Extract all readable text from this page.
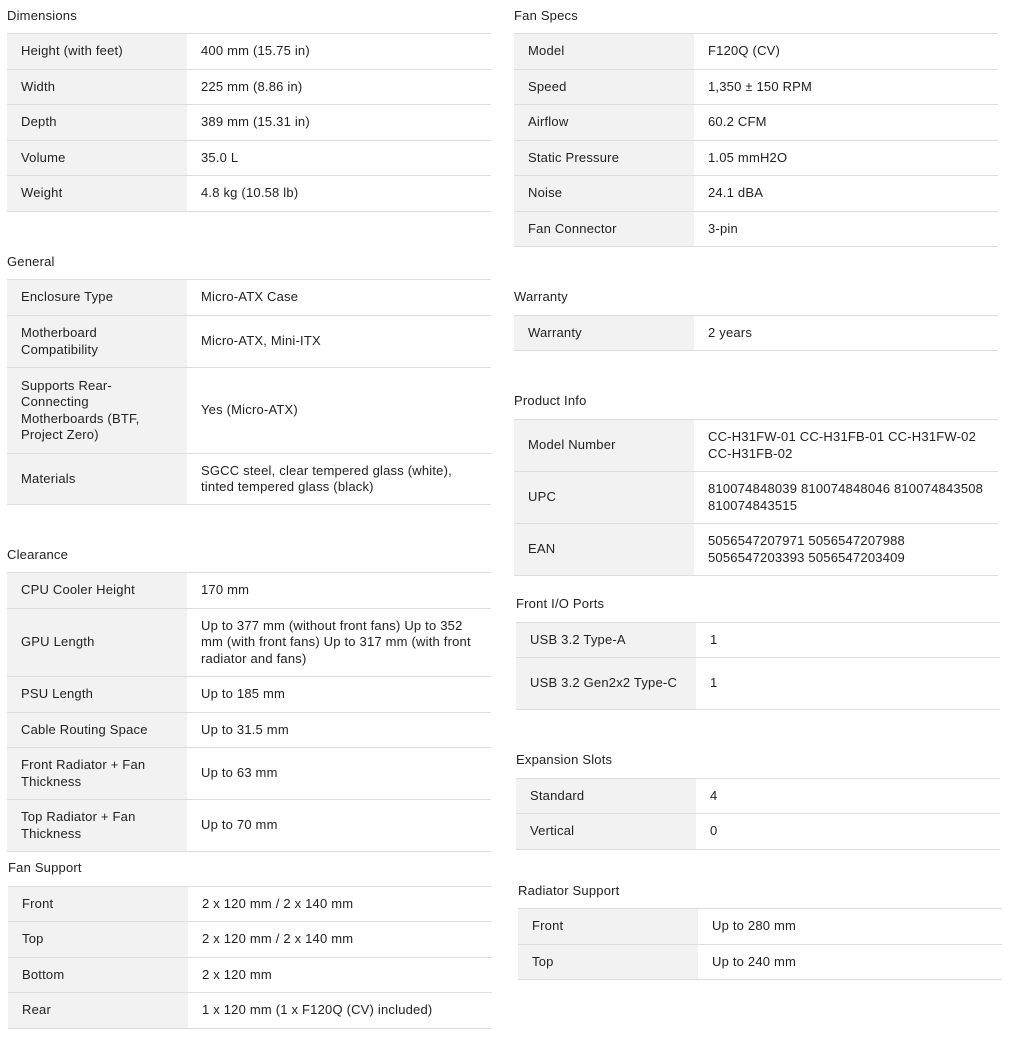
Dimensions
Height (with feet)	400 mm (15.75 in)
Width	225 mm (8.86 in)
Depth	389 mm (15.31 in)
Volume	35.0 L
Weight	4.8 kg (10.58 lb)
General
Enclosure Type	Micro-ATX Case
Motherboard Compatibility	Micro-ATX, Mini-ITX
Supports Rear-Connecting Motherboards (BTF, Project Zero)	Yes (Micro-ATX)
Materials	SGCC steel, clear tempered glass (white), tinted tempered glass (black)
Clearance
CPU Cooler Height	170 mm
GPU Length	Up to 377 mm (without front fans) Up to 352 mm (with front fans) Up to 317 mm (with front radiator and fans)
PSU Length	Up to 185 mm
Cable Routing Space	Up to 31.5 mm
Front Radiator + Fan Thickness	Up to 63 mm
Top Radiator + Fan Thickness	Up to 70 mm
Fan Support
Front	2 x 120 mm / 2 x 140 mm
Top	2 x 120 mm / 2 x 140 mm
Bottom	2 x 120 mm
Rear	1 x 120 mm (1 x F120Q (CV) included)
Fan Specs
Model	F120Q (CV)
Speed	1,350 ± 150 RPM
Airflow	60.2 CFM
Static Pressure	1.05 mmH2O
Noise	24.1 dBA
Fan Connector	3-pin
Warranty
Warranty	2 years
Product Info
Model Number	CC-H31FW-01 CC-H31FB-01 CC-H31FW-02 CC-H31FB-02
UPC	810074848039 810074848046 810074843508 810074843515
EAN	5056547207971 5056547207988 5056547203393 5056547203409
Front I/O Ports
USB 3.2 Type-A	1
USB 3.2 Gen2x2 Type-C	1
Expansion Slots
Standard	4
Vertical	0
Radiator Support
Front	Up to 280 mm
Top	Up to 240 mm
